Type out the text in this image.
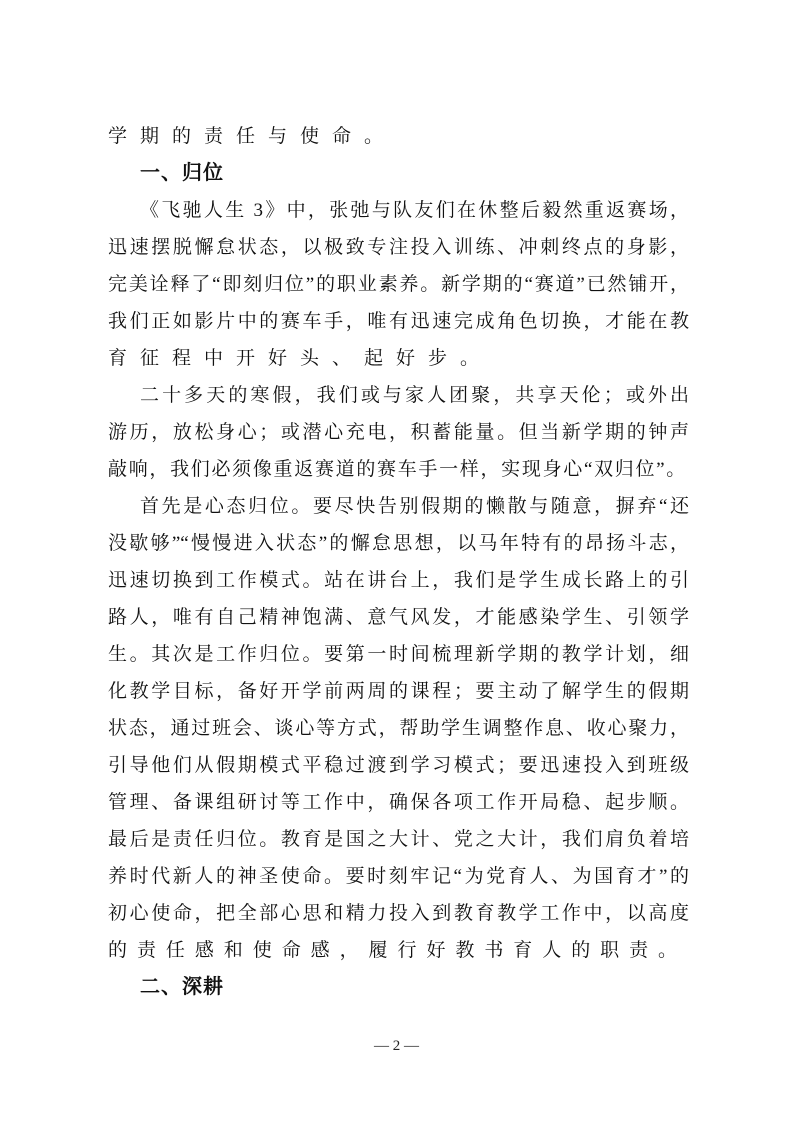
学期的责任与使命。
一、归位
《飞驰人生 3》中，张弛与队友们在休整后毅然重返赛场，
迅速摆脱懈怠状态，以极致专注投入训练、冲刺终点的身影，
完美诠释了“即刻归位”的职业素养。新学期的“赛道”已然铺开，
我们正如影片中的赛车手，唯有迅速完成角色切换，才能在教
育征程中开好头、起好步。
二十多天的寒假，我们或与家人团聚，共享天伦；或外出
游历，放松身心；或潜心充电，积蓄能量。但当新学期的钟声
敲响，我们必须像重返赛道的赛车手一样，实现身心“双归位”。
首先是心态归位。要尽快告别假期的懒散与随意，摒弃“还
没歇够”“慢慢进入状态”的懈怠思想，以马年特有的昂扬斗志，
迅速切换到工作模式。站在讲台上，我们是学生成长路上的引
路人，唯有自己精神饱满、意气风发，才能感染学生、引领学
生。其次是工作归位。要第一时间梳理新学期的教学计划，细
化教学目标，备好开学前两周的课程；要主动了解学生的假期
状态，通过班会、谈心等方式，帮助学生调整作息、收心聚力，
引导他们从假期模式平稳过渡到学习模式；要迅速投入到班级
管理、备课组研讨等工作中，确保各项工作开局稳、起步顺。
最后是责任归位。教育是国之大计、党之大计，我们肩负着培
养时代新人的神圣使命。要时刻牢记“为党育人、为国育才”的
初心使命，把全部心思和精力投入到教育教学工作中，以高度
的责任感和使命感，履行好教书育人的职责。
二、深耕
— 2 —
